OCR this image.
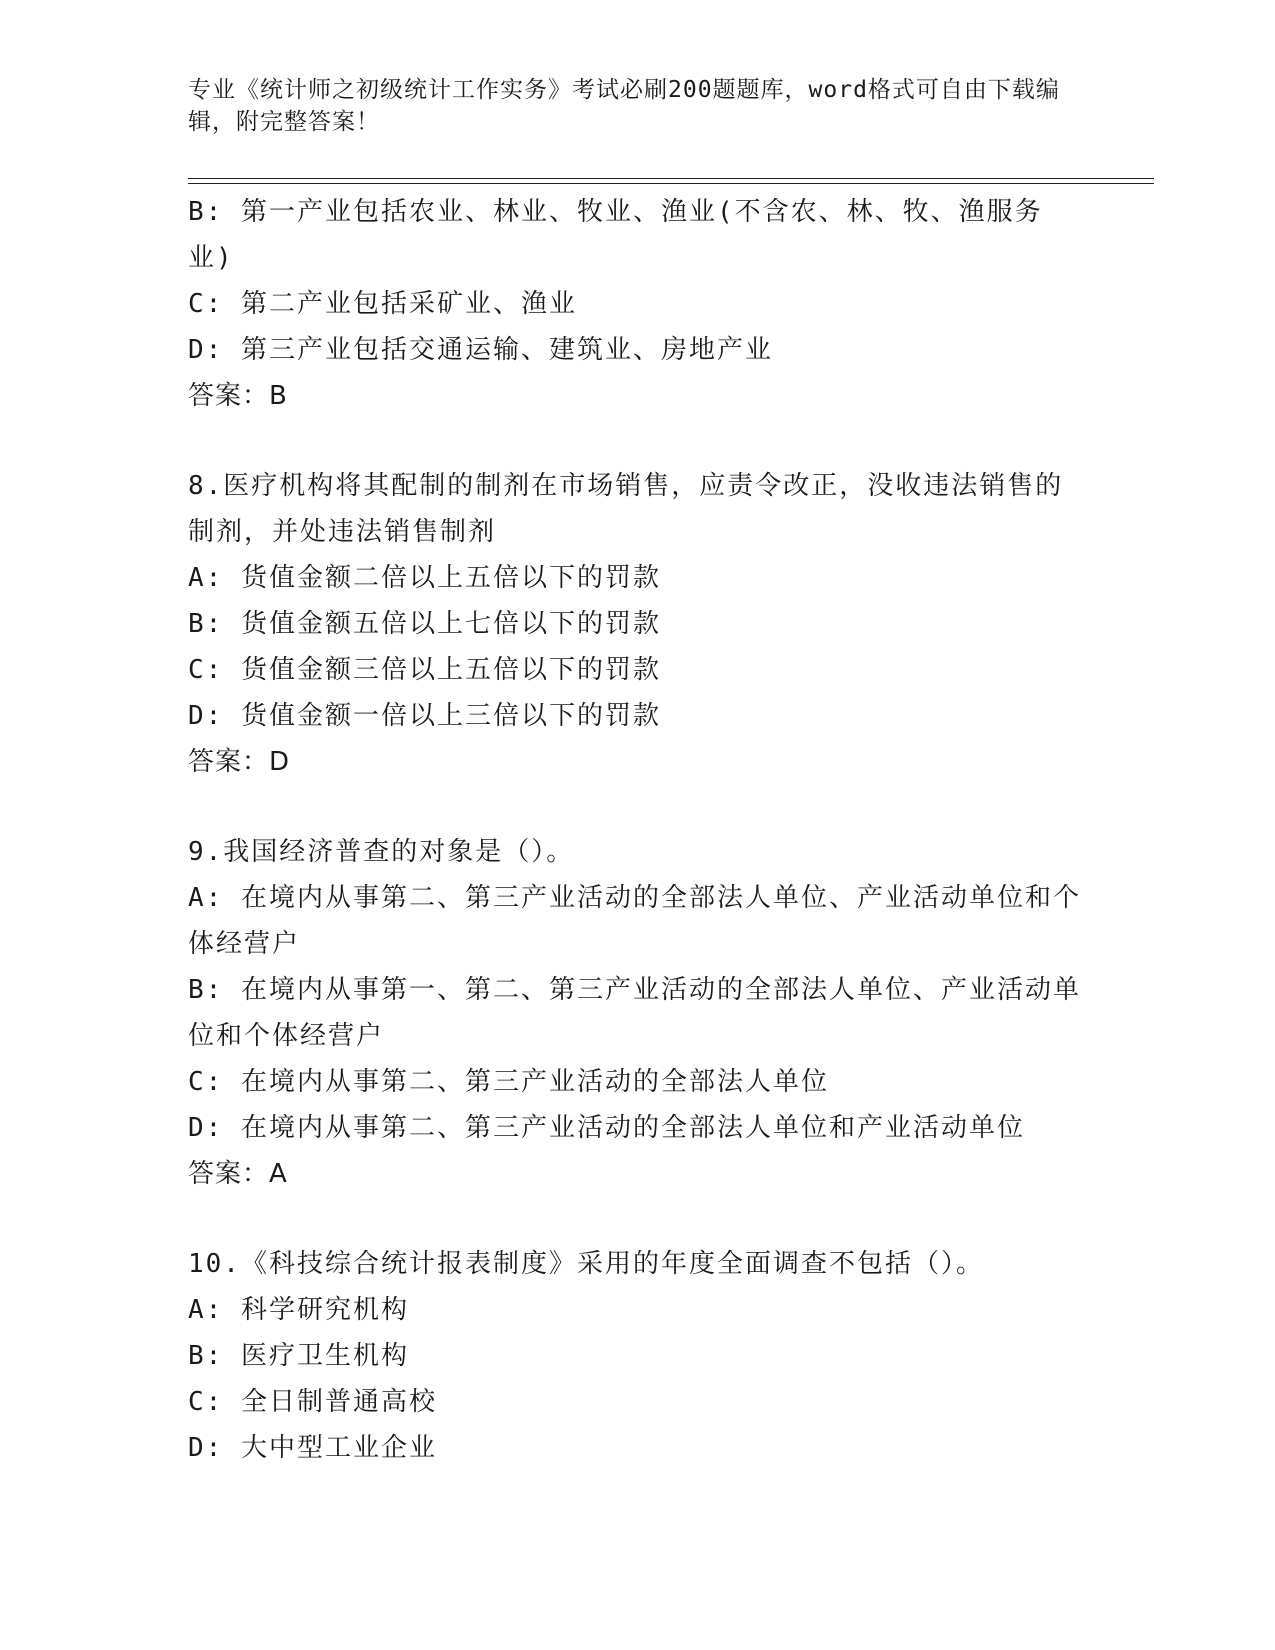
专业《统计师之初级统计工作实务》考试必刷200题题库，word格式可自由下载编辑，附完整答案！
B: 第一产业包括农业、林业、牧业、渔业(不含农、林、牧、渔服务业)
C: 第二产业包括采矿业、渔业
D: 第三产业包括交通运输、建筑业、房地产业
答案：B
8.医疗机构将其配制的制剂在市场销售，应责令改正，没收违法销售的制剂，并处违法销售制剂
A: 货值金额二倍以上五倍以下的罚款
B: 货值金额五倍以上七倍以下的罚款
C: 货值金额三倍以上五倍以下的罚款
D: 货值金额一倍以上三倍以下的罚款
答案：D
9.我国经济普查的对象是（）。
A: 在境内从事第二、第三产业活动的全部法人单位、产业活动单位和个体经营户
B: 在境内从事第一、第二、第三产业活动的全部法人单位、产业活动单位和个体经营户
C: 在境内从事第二、第三产业活动的全部法人单位
D: 在境内从事第二、第三产业活动的全部法人单位和产业活动单位
答案：A
10.《科技综合统计报表制度》采用的年度全面调查不包括（）。
A: 科学研究机构
B: 医疗卫生机构
C: 全日制普通高校
D: 大中型工业企业
